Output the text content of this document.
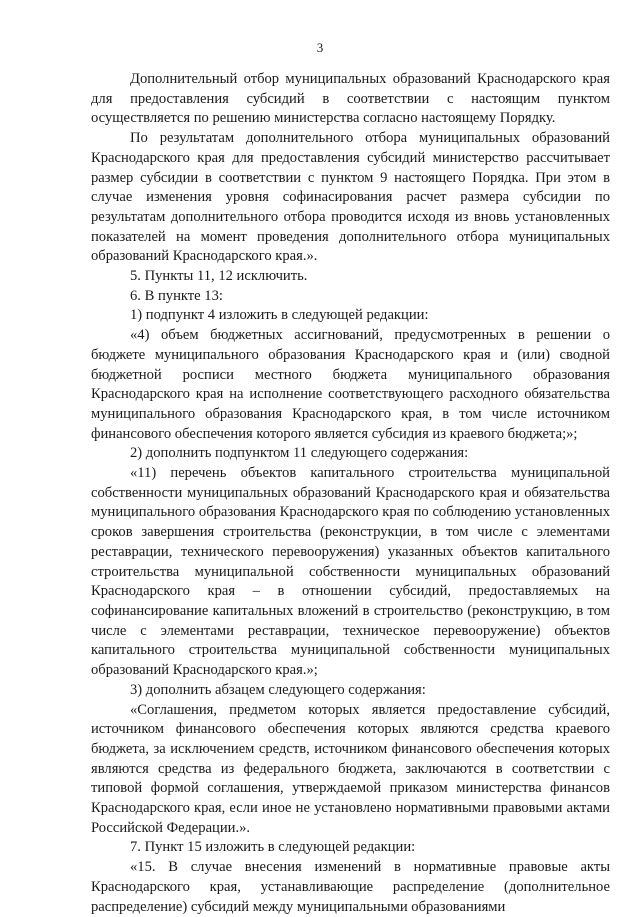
3

Дополнительный отбор муниципальных образований Краснодарского края для предоставления субсидий в соответствии с настоящим пунктом осуществляется по решению министерства согласно настоящему Порядку.

По результатам дополнительного отбора муниципальных образований Краснодарского края для предоставления субсидий министерство рассчитывает размер субсидии в соответствии с пунктом 9 настоящего Порядка. При этом в случае изменения уровня софинасирования расчет размера субсидии по результатам дополнительного отбора проводится исходя из вновь установленных показателей на момент проведения дополнительного отбора муниципальных образований Краснодарского края.».

5. Пункты 11, 12 исключить.

6. В пункте 13:

1) подпункт 4 изложить в следующей редакции:

«4) объем бюджетных ассигнований, предусмотренных в решении о бюджете муниципального образования Краснодарского края и (или) сводной бюджетной росписи местного бюджета муниципального образования Краснодарского края на исполнение соответствующего расходного обязательства муниципального образования Краснодарского края, в том числе источником финансового обеспечения которого является субсидия из краевого бюджета;»;

2) дополнить подпунктом 11 следующего содержания:

«11) перечень объектов капитального строительства муниципальной собственности муниципальных образований Краснодарского края и обязательства муниципального образования Краснодарского края по соблюдению установленных сроков завершения строительства (реконструкции, в том числе с элементами реставрации, технического перевооружения) указанных объектов капитального строительства муниципальной собственности муниципальных образований Краснодарского края – в отношении субсидий, предоставляемых на софинансирование капитальных вложений в строительство (реконструкцию, в том числе с элементами реставрации, техническое перевооружение) объектов капитального строительства муниципальной собственности муниципальных образований Краснодарского края.»;

3) дополнить абзацем следующего содержания:

«Соглашения, предметом которых является предоставление субсидий, источником финансового обеспечения которых являются средства краевого бюджета, за исключением средств, источником финансового обеспечения которых являются средства из федерального бюджета, заключаются в соответствии с типовой формой соглашения, утверждаемой приказом министерства финансов Краснодарского края, если иное не установлено нормативными правовыми актами Российской Федерации.».

7. Пункт 15 изложить в следующей редакции:

«15. В случае внесения изменений в нормативные правовые акты Краснодарского края, устанавливающие распределение (дополнительное распределение) субсидий между муниципальными образованиями
